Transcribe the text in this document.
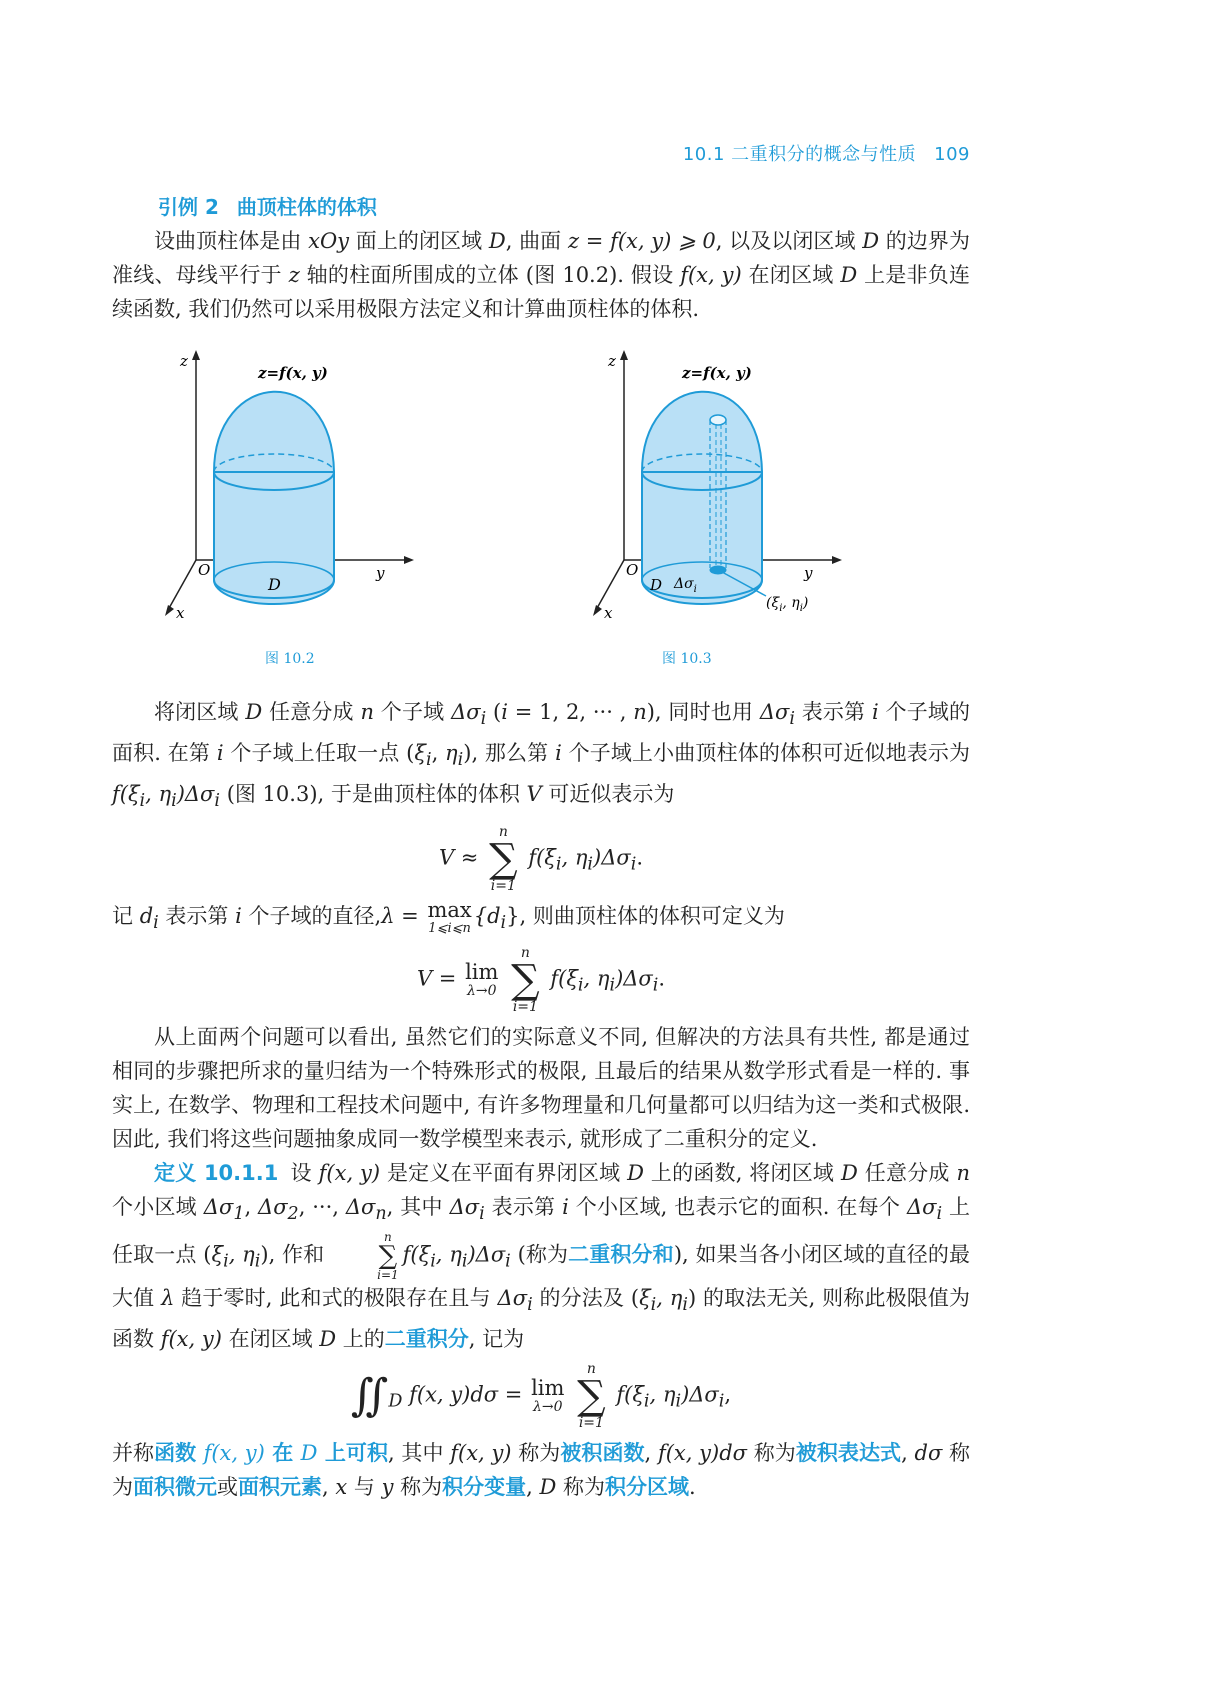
10.1 二重积分的概念与性质 109
引例 2 曲顶柱体的体积

设曲顶柱体是由 xOy 面上的闭区域 D, 曲面 z = f(x, y) ⩾ 0, 以及以闭区域 D 的边界为准线、母线平行于 z 轴的柱面所围成的立体 (图 10.2). 假设 f(x, y) 在闭区域 D 上是非负连续函数, 我们仍然可以采用极限方法定义和计算曲顶柱体的体积.

z
y
x
O
z=f(x, y)
D
图 10.2
z
y
x
O
z=f(x, y)
D $\Delta\sigma_i$
($\xi_i$, $\eta_i$)
图 10.3

将闭区域 D 任意分成 n 个子域 $\Delta\sigma_i$ (i = 1, 2, ··· , n), 同时也用 $\Delta\sigma_i$ 表示第 i 个子域的面积. 在第 i 个子域上任取一点 ($\xi_i$, $\eta_i$), 那么第 i 个子域上小曲顶柱体的体积可近似地表示为 $f(\xi_i$, $\eta_i)\Delta\sigma_i$ (图 10.3), 于是曲顶柱体的体积 V 可近似表示为

V ≈
n
∑
i=1
$f(\xi_i$, $\eta_i)\Delta\sigma_i$.

记 $d_i$ 表示第 i 个子域的直径,λ = max
1⩽i⩽n
$\{d_i\}$, 则曲顶柱体的体积可定义为

V = lim
λ→0

n
∑
i=1
$f(\xi_i$, $\eta_i)\Delta\sigma_i$.

从上面两个问题可以看出, 虽然它们的实际意义不同, 但解决的方法具有共性, 都是通过相同的步骤把所求的量归结为一个特殊形式的极限, 且最后的结果从数学形式看是一样的. 事实上, 在数学、物理和工程技术问题中, 有许多物理量和几何量都可以归结为这一类和式极限. 因此, 我们将这些问题抽象成同一数学模型来表示, 就形成了二重积分的定义.

定义 10.1.1 设 f(x, y) 是定义在平面有界闭区域 D 上的函数, 将闭区域 D 任意分成 n 个小区域 $\Delta\sigma_1$, $\Delta\sigma_2$, ···, $\Delta\sigma_n$, 其中 $\Delta\sigma_i$ 表示第 i 个小区域, 也表示它的面积. 在每个 $\Delta\sigma_i$ 上任取一点 ($\xi_i$, $\eta_i$), 作和
n
∑
i=1
$f(\xi_i$, $\eta_i)\Delta\sigma_i$ (称为二重积分和), 如果当各小闭区域的直径的最大值 λ 趋于零时, 此和式的极限存在且与 $\Delta\sigma_i$ 的分法及 ($\xi_i$, $\eta_i$) 的取法无关, 则称此极限值为函数 f(x, y) 在闭区域 D 上的二重积分, 记为

$∬_D$ f(x, y)dσ = lim
λ→0

n
∑
i=1
$f(\xi_i$, $\eta_i)\Delta\sigma_i$,

并称函数 f(x, y) 在 D 上可积, 其中 f(x, y) 称为被积函数, f(x, y)dσ 称为被积表达式, dσ 称为面积微元或面积元素, x 与 y 称为积分变量, D 称为积分区域.
